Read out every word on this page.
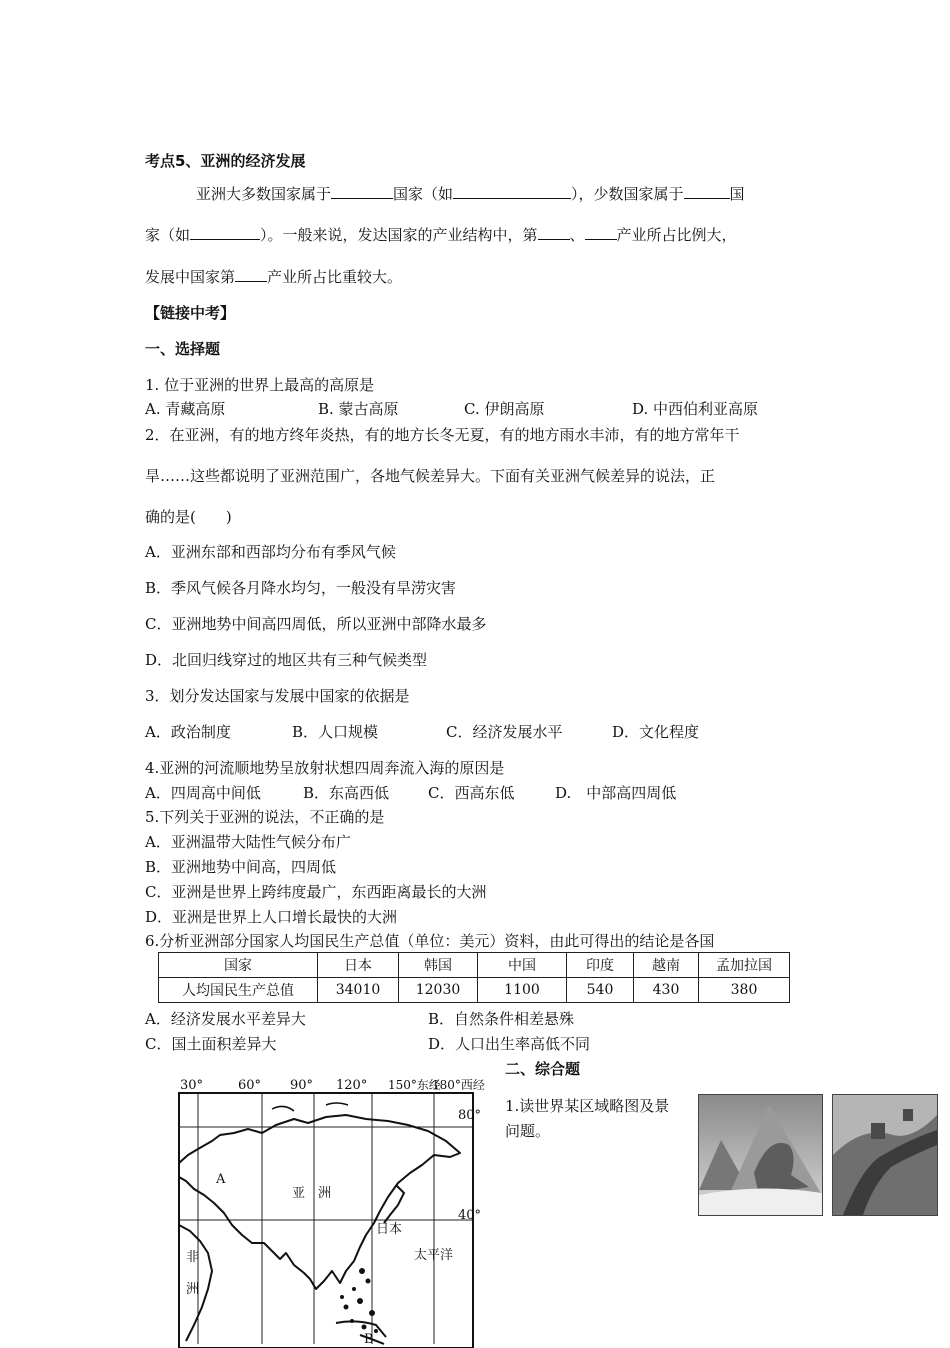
考点5、亚洲的经济发展
亚洲大多数国家属于	国家（如	），少数国家属于	国
家（如	）。一般来说，发达国家的产业结构中，第 、 产业所占比例大，
发展中国家第 产业所占比重较大。
【链接中考】
一、选择题
1. 位于亚洲的世界上最高的高原是
A. 青藏高原	B. 蒙古高原	C. 伊朗高原	D. 中西伯利亚高原
2．在亚洲，有的地方终年炎热，有的地方长冬无夏，有的地方雨水丰沛，有的地方常年干
旱……这些都说明了亚洲范围广，各地气候差异大。下面有关亚洲气候差异的说法，正
确的是(　　)
A．亚洲东部和西部均分布有季风气候
B．季风气候各月降水均匀，一般没有旱涝灾害
C．亚洲地势中间高四周低，所以亚洲中部降水最多
D．北回归线穿过的地区共有三种气候类型
3．划分发达国家与发展中国家的依据是
A．政治制度	B．人口规模	C．经济发展水平	D．文化程度
4.亚洲的河流顺地势呈放射状想四周奔流入海的原因是
A．四周高中间低	B．东高西低	C．西高东低	D.　中部高四周低
5.下列关于亚洲的说法，不正确的是
A．亚洲温带大陆性气候分布广
B．亚洲地势中间高，四周低
C．亚洲是世界上跨纬度最广，东西距离最长的大洲
D．亚洲是世界上人口增长最快的大洲
6.分析亚洲部分国家人均国民生产总值（单位：美元）资料，由此可得出的结论是各国
国家	日本	韩国	中国	印度	越南	孟加拉国
人均国民生产总值	34010	12030	1100	540	430	380
A．经济发展水平差异大	B．自然条件相差悬殊
C．国土面积差异大	D．人口出生率高低不同
二、综合题
1.读世界某区域略图及景
问题。
30°	60° 90° 120° 150°东经
180°西经
80°
40°
A
亚　洲
日本
太平洋
非
洲
B
